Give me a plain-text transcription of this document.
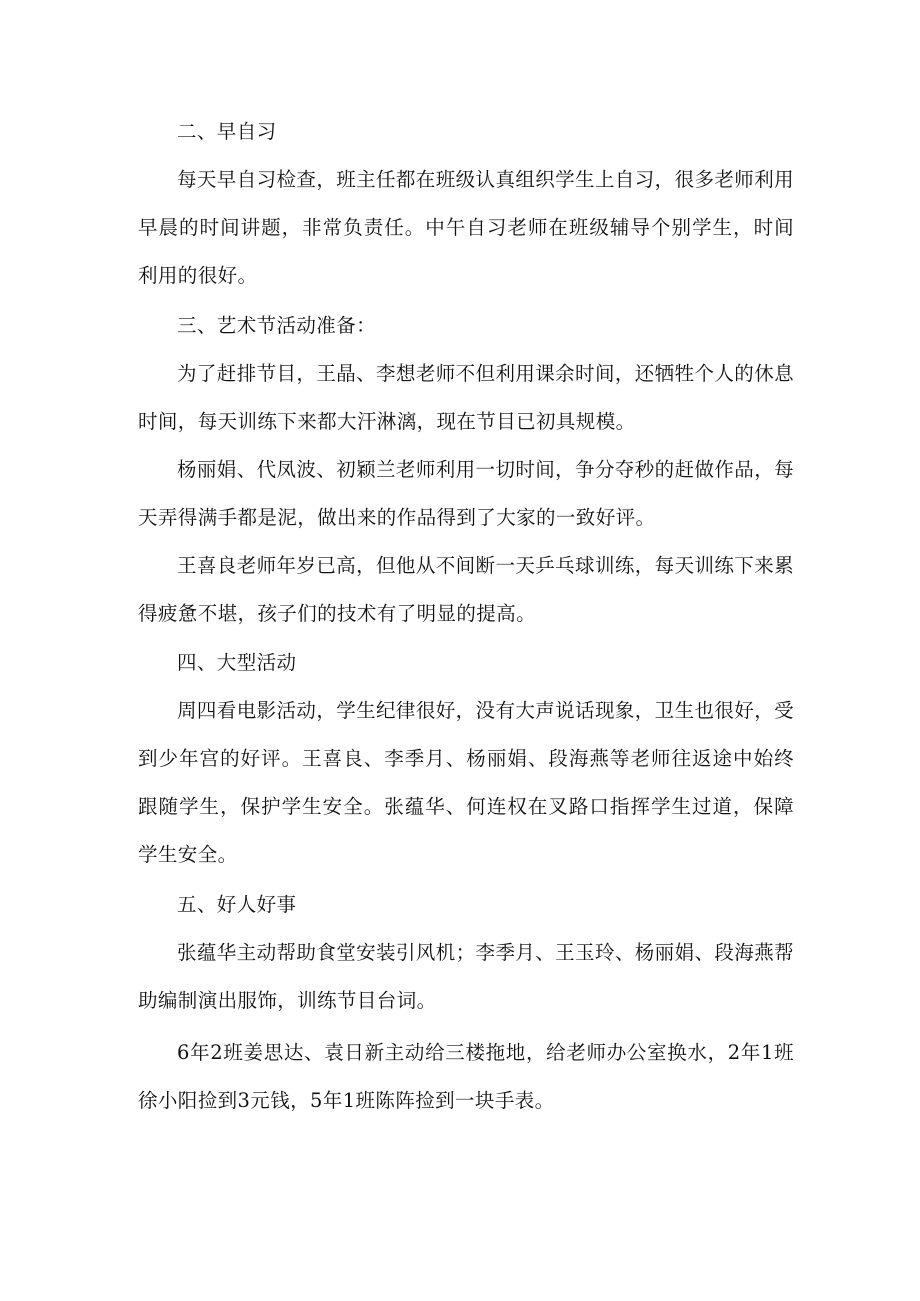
二、早自习

每天早自习检查，班主任都在班级认真组织学生上自习，很多老师利用早晨的时间讲题，非常负责任。中午自习老师在班级辅导个别学生，时间利用的很好。

三、艺术节活动准备：

为了赶排节目，王晶、李想老师不但利用课余时间，还牺牲个人的休息时间，每天训练下来都大汗淋漓，现在节目已初具规模。

杨丽娟、代凤波、初颖兰老师利用一切时间，争分夺秒的赶做作品，每天弄得满手都是泥，做出来的作品得到了大家的一致好评。

王喜良老师年岁已高，但他从不间断一天乒乓球训练，每天训练下来累得疲惫不堪，孩子们的技术有了明显的提高。

四、大型活动

周四看电影活动，学生纪律很好，没有大声说话现象，卫生也很好，受到少年宫的好评。王喜良、李季月、杨丽娟、段海燕等老师往返途中始终跟随学生，保护学生安全。张蕴华、何连权在叉路口指挥学生过道，保障学生安全。

五、好人好事

张蕴华主动帮助食堂安装引风机；李季月、王玉玲、杨丽娟、段海燕帮助编制演出服饰，训练节目台词。

6年2班姜思达、袁日新主动给三楼拖地，给老师办公室换水，2年1班徐小阳捡到3元钱，5年1班陈阵捡到一块手表。
